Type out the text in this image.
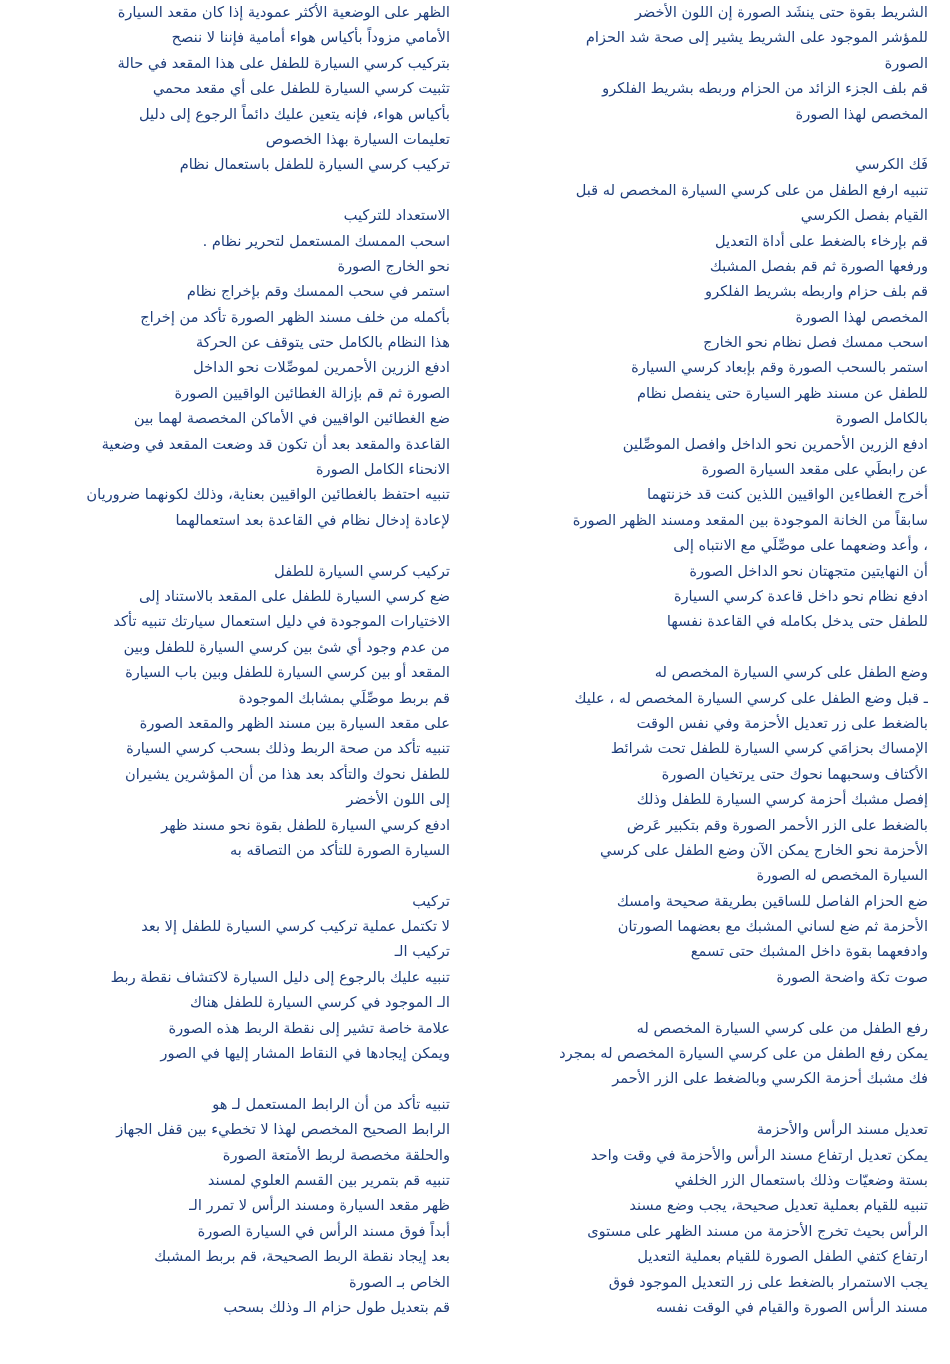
الشريط بقوة حتى ينشَد الصورة إن اللون الأخضر
للمؤشر الموجود على الشريط يشير إلى صحة شد الحزام
الصورة
قم بلف الجزء الزائد من الحزام وربطه بشريط الفلكرو
المخصص لهذا الصورة
فَك الكرسي
تنبيه ارفع الطفل من على كرسي السيارة المخصص له قبل
القيام بفصل الكرسي
قم بإرخاء بالضغط على أداة التعديل
ورفعها الصورة ثم قم بفصل المشبك
قم بلف حزام واربطه بشريط الفلكرو
المخصص لهذا الصورة
اسحب ممسك فصل نظام نحو الخارج
استمر بالسحب الصورة وقم بإبعاد كرسي السيارة
للطفل عن مسند ظهر السيارة حتى ينفصل نظام
بالكامل الصورة
ادفع الزرين الأحمرين نحو الداخل وافصل الموصِّلين
عن رابطَي على مقعد السيارة الصورة
أخرج الغطاءين الواقيين اللذين كنت قد خزنتهما
سابقاً من الخانة الموجودة بين المقعد ومسند الظهر الصورة
، وأعد وضعهما على موصِّلَي مع الانتباه إلى
أن النهايتين متجهتان نحو الداخل الصورة
ادفع نظام نحو داخل قاعدة كرسي السيارة
للطفل حتى يدخل بكامله في القاعدة نفسها
وضع الطفل على كرسي السيارة المخصص له
ـ قبل وضع الطفل على كرسي السيارة المخصص له ، عليك
بالضغط على زر تعديل الأحزمة وفي نفس الوقت
الإمساك بحزامَي كرسي السيارة للطفل تحت شرائط
الأكتاف وسحبهما نحوك حتى يرتخيان الصورة
إفصل مشبك أحزمة كرسي السيارة للطفل وذلك
بالضغط على الزر الأحمر الصورة وقم بتكبير عَرض
الأحزمة نحو الخارج يمكن الآن وضع الطفل على كرسي
السيارة المخصص له الصورة
ضع الحزام الفاصل للساقين بطريقة صحيحة وامسك
الأحزمة ثم ضع لساني المشبك مع بعضهما الصورتان
وادفعهما بقوة داخل المشبك حتى تسمع
صوت تكة واضحة الصورة
رفع الطفل من على كرسي السيارة المخصص له
يمكن رفع الطفل من على كرسي السيارة المخصص له بمجرد
فك مشبك أحزمة الكرسي وبالضغط على الزر الأحمر
تعديل مسند الرأس والأحزمة
يمكن تعديل ارتفاع مسند الرأس والأحزمة في وقت واحد
بستة وضعيّات وذلك باستعمال الزر الخلفي
تنبيه للقيام بعملية تعديل صحيحة، يجب وضع مسند
الرأس بحيث تخرج الأحزمة من مسند الظهر على مستوى
ارتفاع كتفي الطفل الصورة للقيام بعملية التعديل
يجب الاستمرار بالضغط على زر التعديل الموجود فوق
مسند الرأس الصورة والقيام في الوقت نفسه
الظهر على الوضعية الأكثر عمودية إذا كان مقعد السيارة
الأمامي مزوداً بأكياس هواء أمامية فإننا لا ننصح
بتركيب كرسي السيارة للطفل على هذا المقعد في حالة
تثبيت كرسي السيارة للطفل على أي مقعد محمي
بأكياس هواء، فإنه يتعين عليك دائماً الرجوع إلى دليل
تعليمات السيارة بهذا الخصوص
تركيب كرسي السيارة للطفل باستعمال نظام
الاستعداد للتركيب
اسحب الممسك المستعمل لتحرير نظام .
نحو الخارج الصورة
استمر في سحب الممسك وقم بإخراج نظام
بأكمله من خلف مسند الظهر الصورة تأكد من إخراج
هذا النظام بالكامل حتى يتوقف عن الحركة
ادفع الزرين الأحمرين لموصِّلات نحو الداخل
الصورة ثم قم بإزالة الغطائين الواقيين الصورة
ضع الغطائين الواقيين في الأماكن المخصصة لهما بين
القاعدة والمقعد بعد أن تكون قد وضعت المقعد في وضعية
الانحناء الكامل الصورة
تنبيه احتفظ بالغطائين الواقيين بعناية، وذلك لكونهما ضروريان
لإعادة إدخال نظام في القاعدة بعد استعمالهما
تركيب كرسي السيارة للطفل
ضع كرسي السيارة للطفل على المقعد بالاستناد إلى
الاختيارات الموجودة في دليل استعمال سيارتك تنبيه تأكد
من عدم وجود أي شئ بين كرسي السيارة للطفل وبين
المقعد أو بين كرسي السيارة للطفل وبين باب السيارة
قم بربط موصِّلَي بمشابك الموجودة
على مقعد السيارة بين مسند الظهر والمقعد الصورة
تنبيه تأكد من صحة الربط وذلك بسحب كرسي السيارة
للطفل نحوك والتأكد بعد هذا من أن المؤشرين يشيران
إلى اللون الأخضر
ادفع كرسي السيارة للطفل بقوة نحو مسند ظهر
السيارة الصورة للتأكد من التصاقه به
تركيب
لا تكتمل عملية تركيب كرسي السيارة للطفل إلا بعد
تركيب الـ
تنبيه عليك بالرجوع إلى دليل السيارة لاكتشاف نقطة ربط
الـ الموجود في كرسي السيارة للطفل هناك
علامة خاصة تشير إلى نقطة الربط هذه الصورة
ويمكن إيجادها في النقاط المشار إليها في الصور
تنبيه تأكد من أن الرابط المستعمل لـ هو
الرابط الصحيح المخصص لهذا لا تخطيء بين قفل الجهاز
والحلقة مخصصة لربط الأمتعة الصورة
تنبيه قم بتمرير بين القسم العلوي لمسند
ظهر مقعد السيارة ومسند الرأس لا تمرر الـ
أبداً فوق مسند الرأس في السيارة الصورة
بعد إيجاد نقطة الربط الصحيحة، قم بربط المشبك
الخاص بـ الصورة
قم بتعديل طول حزام الـ وذلك بسحب
